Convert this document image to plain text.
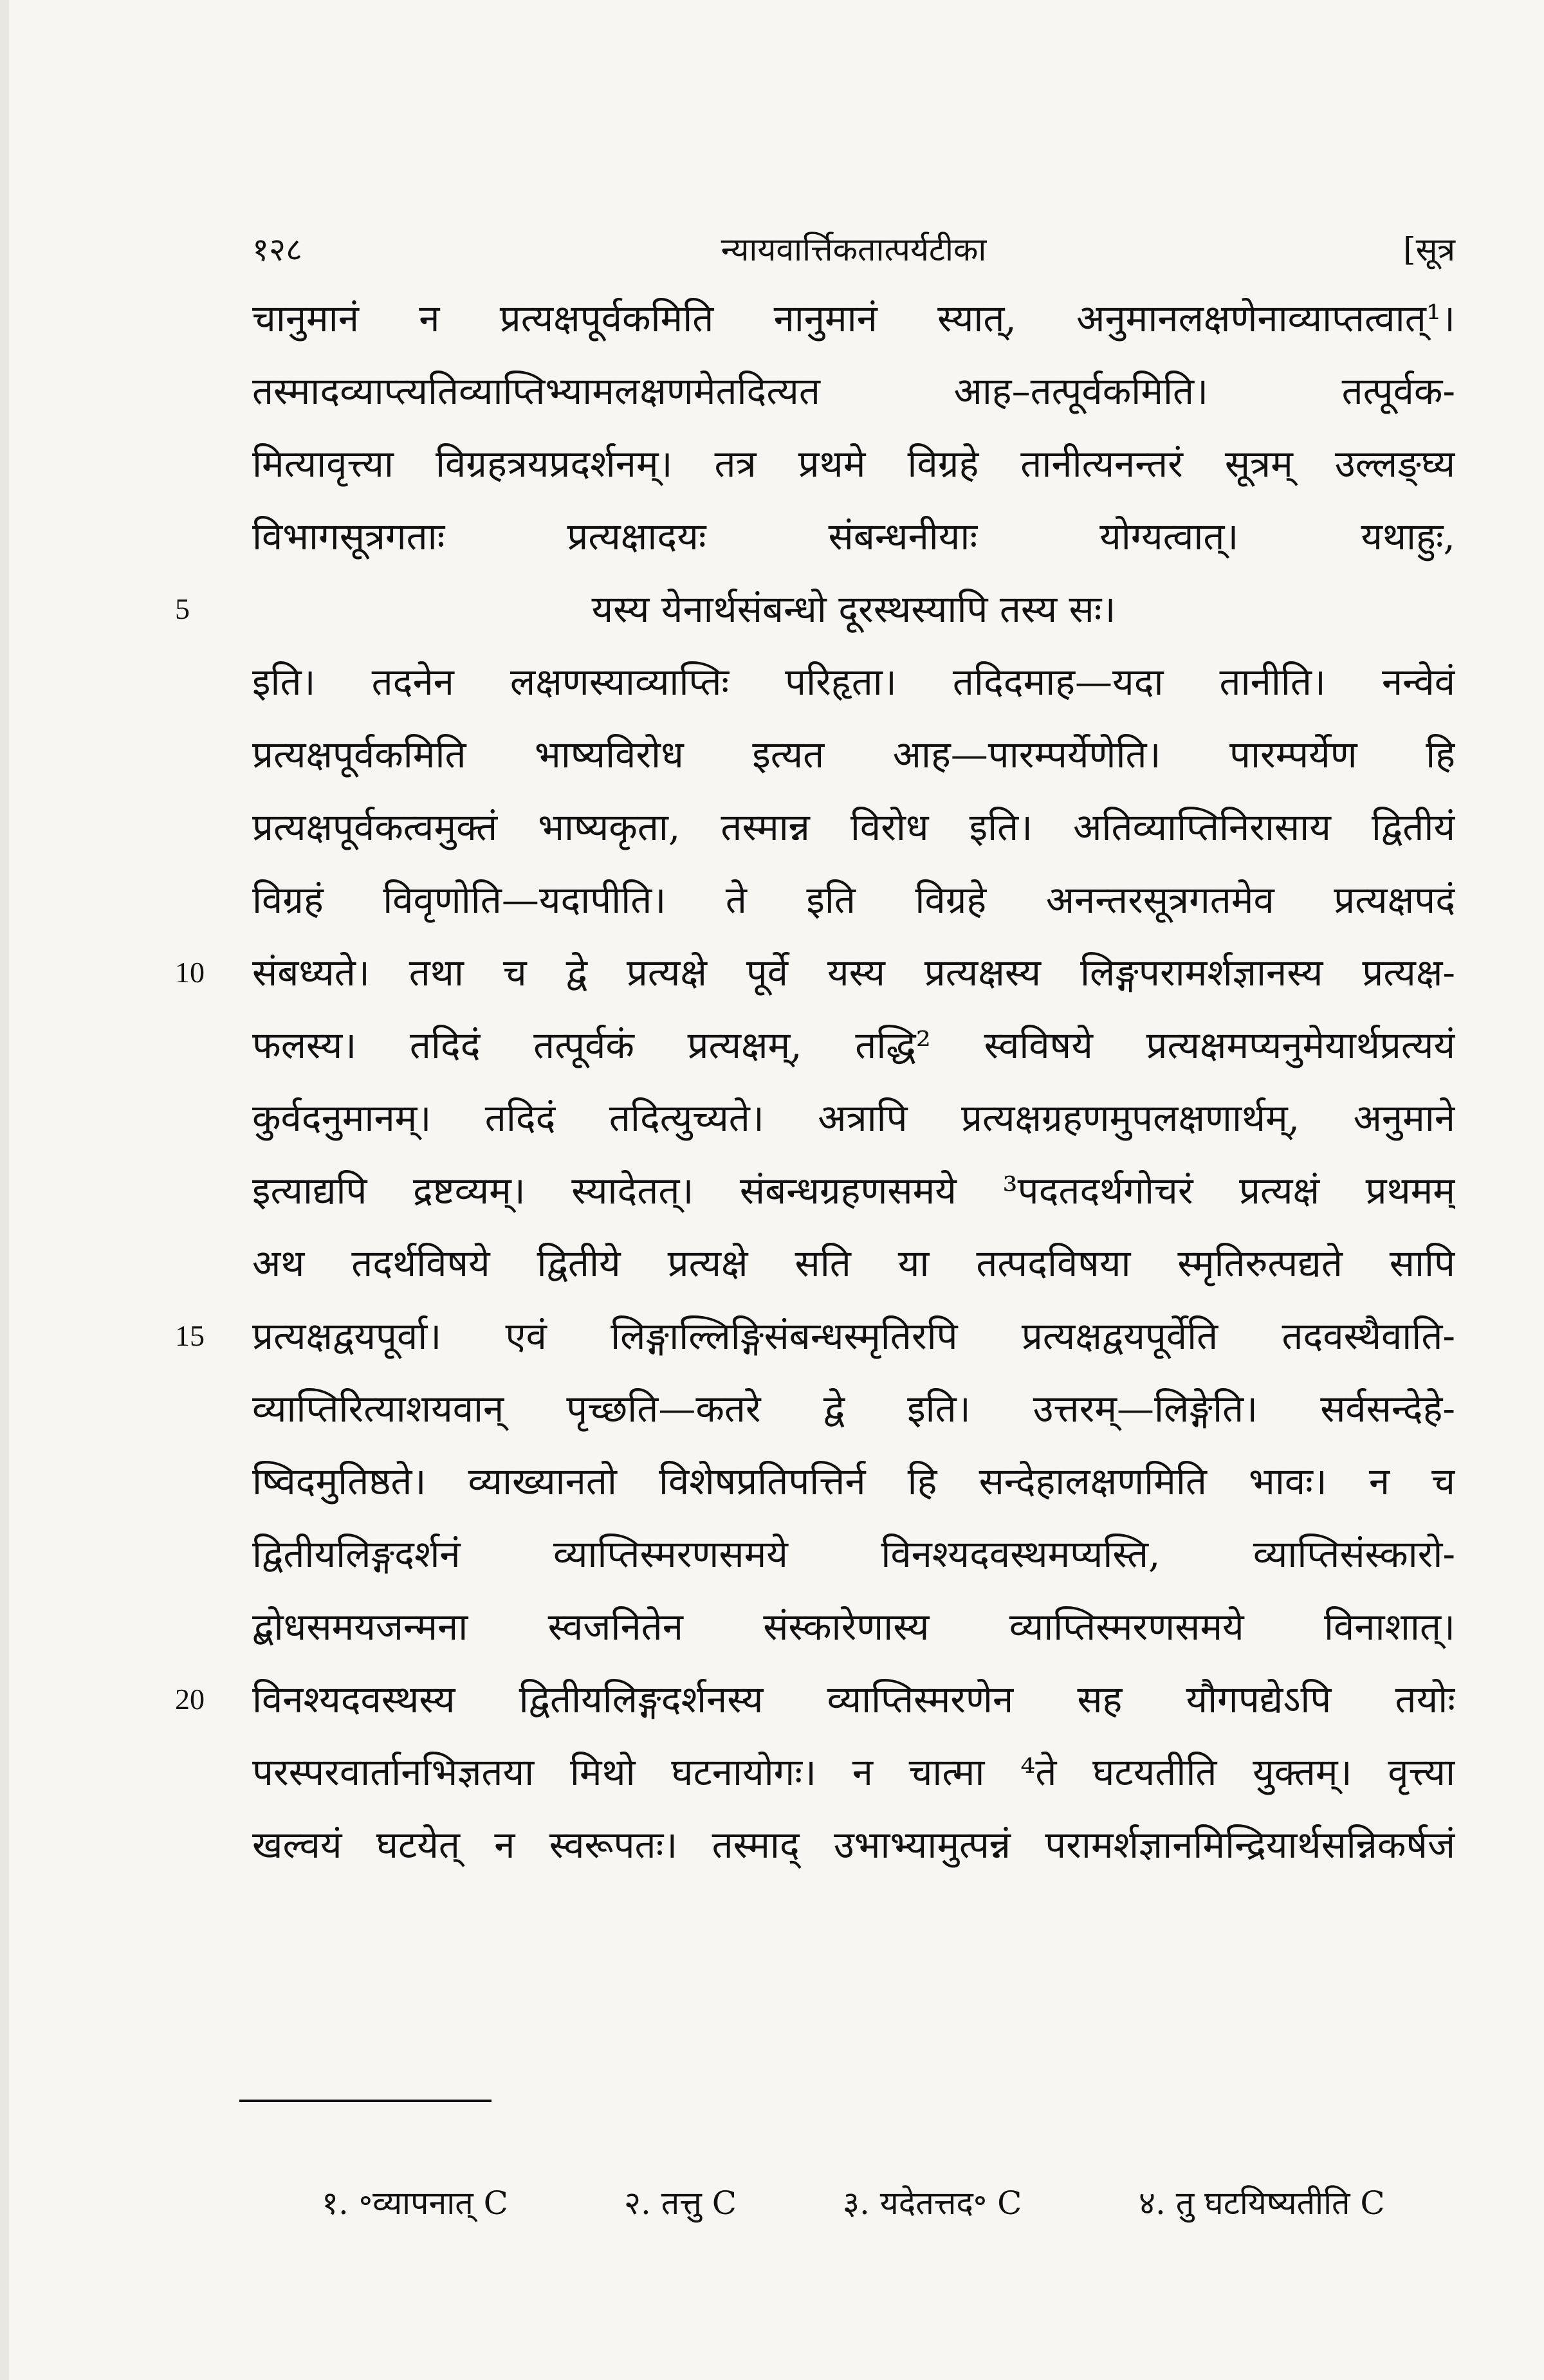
१२८	न्यायवार्त्तिकतात्पर्यटीका	[सूत्र
चानुमानं न प्रत्यक्षपूर्वकमिति नानुमानं स्यात्, अनुमानलक्षणेनाव्याप्तत्वात्¹।
तस्मादव्याप्त्यतिव्याप्तिभ्यामलक्षणमेतदित्यत आह–तत्पूर्वकमिति। तत्पूर्वक-
मित्यावृत्त्या विग्रहत्रयप्रदर्शनम्। तत्र प्रथमे विग्रहे तानीत्यनन्तरं सूत्रम् उल्लङ्घ्य
विभागसूत्रगताः प्रत्यक्षादयः संबन्धनीयाः योग्यत्वात्। यथाहुः,
यस्य येनार्थसंबन्धो दूरस्थस्यापि तस्य सः।
5
इति। तदनेन लक्षणस्याव्याप्तिः परिहृता। तदिदमाह—यदा तानीति। नन्वेवं
प्रत्यक्षपूर्वकमिति भाष्यविरोध इत्यत आह—पारम्पर्येणेति। पारम्पर्येण हि
प्रत्यक्षपूर्वकत्वमुक्तं भाष्यकृता, तस्मान्न विरोध इति। अतिव्याप्तिनिरासाय द्वितीयं
विग्रहं विवृणोति—यदापीति। ते इति विग्रहे अनन्तरसूत्रगतमेव प्रत्यक्षपदं
संबध्यते। तथा च द्वे प्रत्यक्षे पूर्वे यस्य प्रत्यक्षस्य लिङ्गपरामर्शज्ञानस्य प्रत्यक्ष-
10
फलस्य। तदिदं तत्पूर्वकं प्रत्यक्षम्, तद्धि² स्वविषये प्रत्यक्षमप्यनुमेयार्थप्रत्ययं
कुर्वदनुमानम्। तदिदं तदित्युच्यते। अत्रापि प्रत्यक्षग्रहणमुपलक्षणार्थम्, अनुमाने
इत्याद्यपि द्रष्टव्यम्। स्यादेतत्। संबन्धग्रहणसमये ³पदतदर्थगोचरं प्रत्यक्षं प्रथमम्
अथ तदर्थविषये द्वितीये प्रत्यक्षे सति या तत्पदविषया स्मृतिरुत्पद्यते सापि
प्रत्यक्षद्वयपूर्वा। एवं लिङ्गाल्लिङ्गिसंबन्धस्मृतिरपि प्रत्यक्षद्वयपूर्वेति तदवस्थैवाति-
15
व्याप्तिरित्याशयवान् पृच्छति—कतरे द्वे इति। उत्तरम्—लिङ्गेति। सर्वसन्देहे-
ष्विदमुतिष्ठते। व्याख्यानतो विशेषप्रतिपत्तिर्न हि सन्देहालक्षणमिति भावः। न च
द्वितीयलिङ्गदर्शनं व्याप्तिस्मरणसमये विनश्यदवस्थमप्यस्ति, व्याप्तिसंस्कारो-
द्बोधसमयजन्मना स्वजनितेन संस्कारेणास्य व्याप्तिस्मरणसमये विनाशात्।
विनश्यदवस्थस्य द्वितीयलिङ्गदर्शनस्य व्याप्तिस्मरणेन सह यौगपद्येऽपि तयोः
20
परस्परवार्तानभिज्ञतया मिथो घटनायोगः। न चात्मा ⁴ते घटयतीति युक्तम्। वृत्त्या
खल्वयं घटयेत् न स्वरूपतः। तस्माद् उभाभ्यामुत्पन्नं परामर्शज्ञानमिन्द्रियार्थसन्निकर्षजं
१. ॰व्यापनात् C	२. तत्तु C	३. यदेतत्तद॰ C	४. तु घटयिष्यतीति C
